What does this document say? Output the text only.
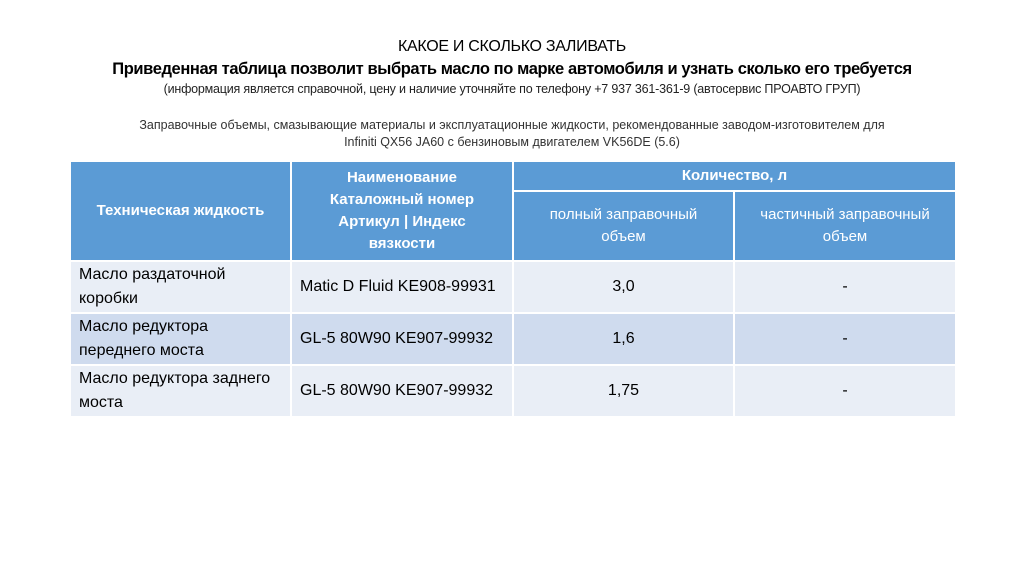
КАКОЕ И СКОЛЬКО ЗАЛИВАТЬ
Приведенная таблица позволит выбрать масло по марке автомобиля и узнать сколько его требуется
(информация является справочной, цену и наличие уточняйте по телефону +7 937 361-361-9 (автосервис ПРОАВТО ГРУП)
Заправочные объемы, смазывающие материалы и эксплуатационные жидкости, рекомендованные заводом-изготовителем для
Infiniti QX56 JA60 с бензиновым двигателем VK56DE (5.6)
Техническая жидкость	Наименование Каталожный номер Артикул | Индекс вязкости	Количество, л	
		полный заправочный объем	частичный заправочный объем
Масло раздаточной коробки	Matic D Fluid KE908-99931	3,0	-
Масло редуктора переднего моста	GL-5 80W90 KE907-99932	1,6	-
Масло редуктора заднего моста	GL-5 80W90 KE907-99932	1,75	-
